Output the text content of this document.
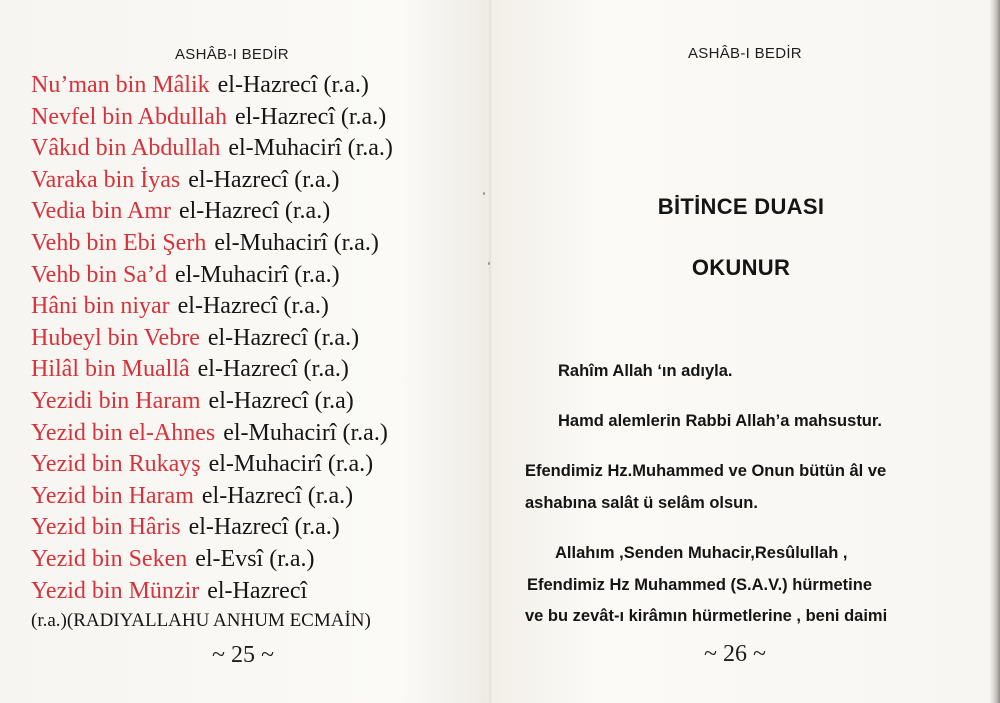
ASHÂB-I BEDİR
Nu’man bin Mâlik el-Hazrecî (r.a.)
Nevfel bin Abdullah el-Hazrecî (r.a.)
Vâkıd bin Abdullah el-Muhacirî (r.a.)
Varaka bin İyas el-Hazrecî (r.a.)
Vedia bin Amr el-Hazrecî (r.a.)
Vehb bin Ebi Şerh el-Muhacirî (r.a.)
Vehb bin Sa’d el-Muhacirî (r.a.)
Hâni bin niyar el-Hazrecî (r.a.)
Hubeyl bin Vebre el-Hazrecî (r.a.)
Hilâl bin Muallâ el-Hazrecî (r.a.)
Yezidi bin Haram el-Hazrecî (r.a)
Yezid bin el-Ahnes el-Muhacirî (r.a.)
Yezid bin Rukayş el-Muhacirî (r.a.)
Yezid bin Haram el-Hazrecî (r.a.)
Yezid bin Hâris el-Hazrecî (r.a.)
Yezid bin Seken el-Evsî (r.a.)
Yezid bin Münzir el-Hazrecî
(r.a.)(RADIYALLAHU ANHUM ECMAİN)
~ 25 ~
ASHÂB-I BEDİR
BİTİNCE DUASI
OKUNUR
Rahîm Allah ‘ın adıyla.
Hamd alemlerin Rabbi Allah’a mahsustur.
Efendimiz Hz.Muhammed ve Onun bütün âl ve
ashabına salât ü selâm olsun.
Allahım ,Senden Muhacir,Resûlullah ,
Efendimiz Hz Muhammed (S.A.V.) hürmetine
ve bu zevât-ı kirâmın hürmetlerine , beni daimi
~ 26 ~
